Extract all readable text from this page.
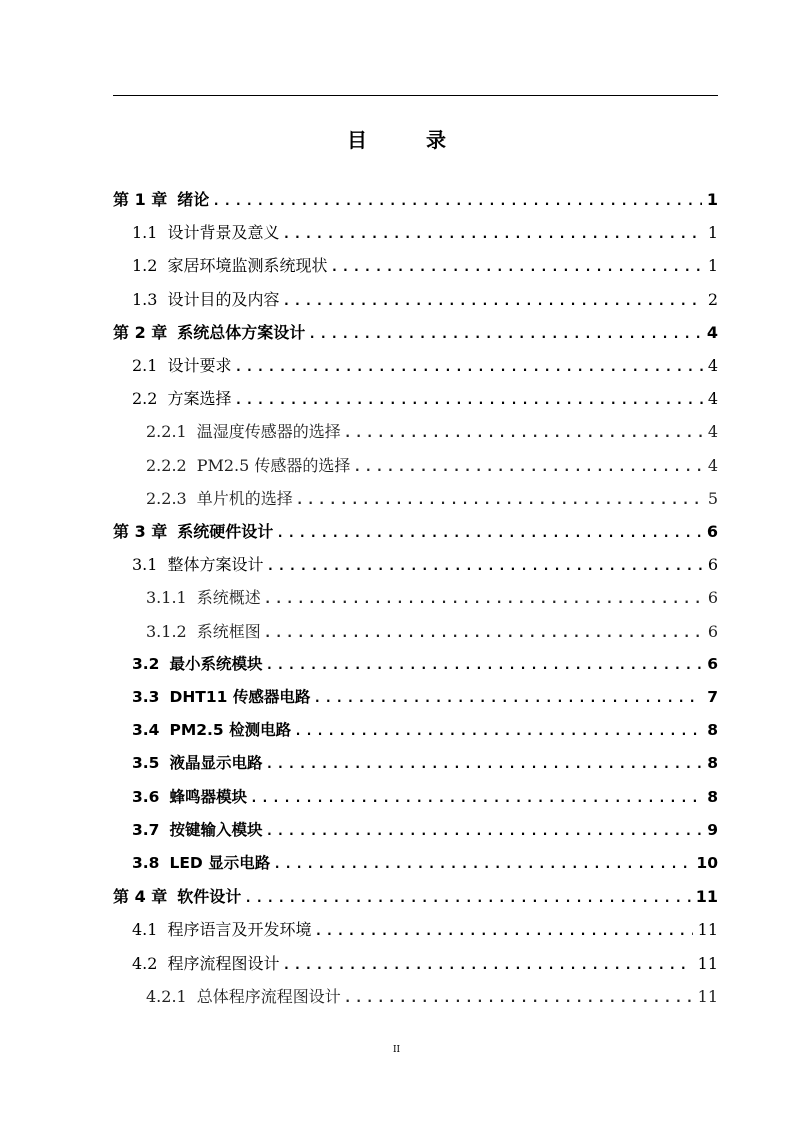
目 录
第 1 章 绪论 .....	1
1.1 设计背景及意义 .....	1
1.2 家居环境监测系统现状 .....	1
1.3 设计目的及内容 .....	2
第 2 章 系统总体方案设计 .....	4
2.1 设计要求 .....	4
2.2 方案选择 .....	4
2.2.1 温湿度传感器的选择 .....	4
2.2.2 PM2.5 传感器的选择 .....	4
2.2.3 单片机的选择 .....	5
第 3 章 系统硬件设计 .....	6
3.1 整体方案设计 .....	6
3.1.1 系统概述 .....	6
3.1.2 系统框图 .....	6
3.2 最小系统模块 .....	6
3.3 DHT11 传感器电路 .....	7
3.4 PM2.5 检测电路 .....	8
3.5 液晶显示电路 .....	8
3.6 蜂鸣器模块 .....	8
3.7 按键输入模块 .....	9
3.8 LED 显示电路 .....	10
第 4 章 软件设计 .....	11
4.1 程序语言及开发环境 .....	11
4.2 程序流程图设计 .....	11
4.2.1 总体程序流程图设计 .....	11
II
